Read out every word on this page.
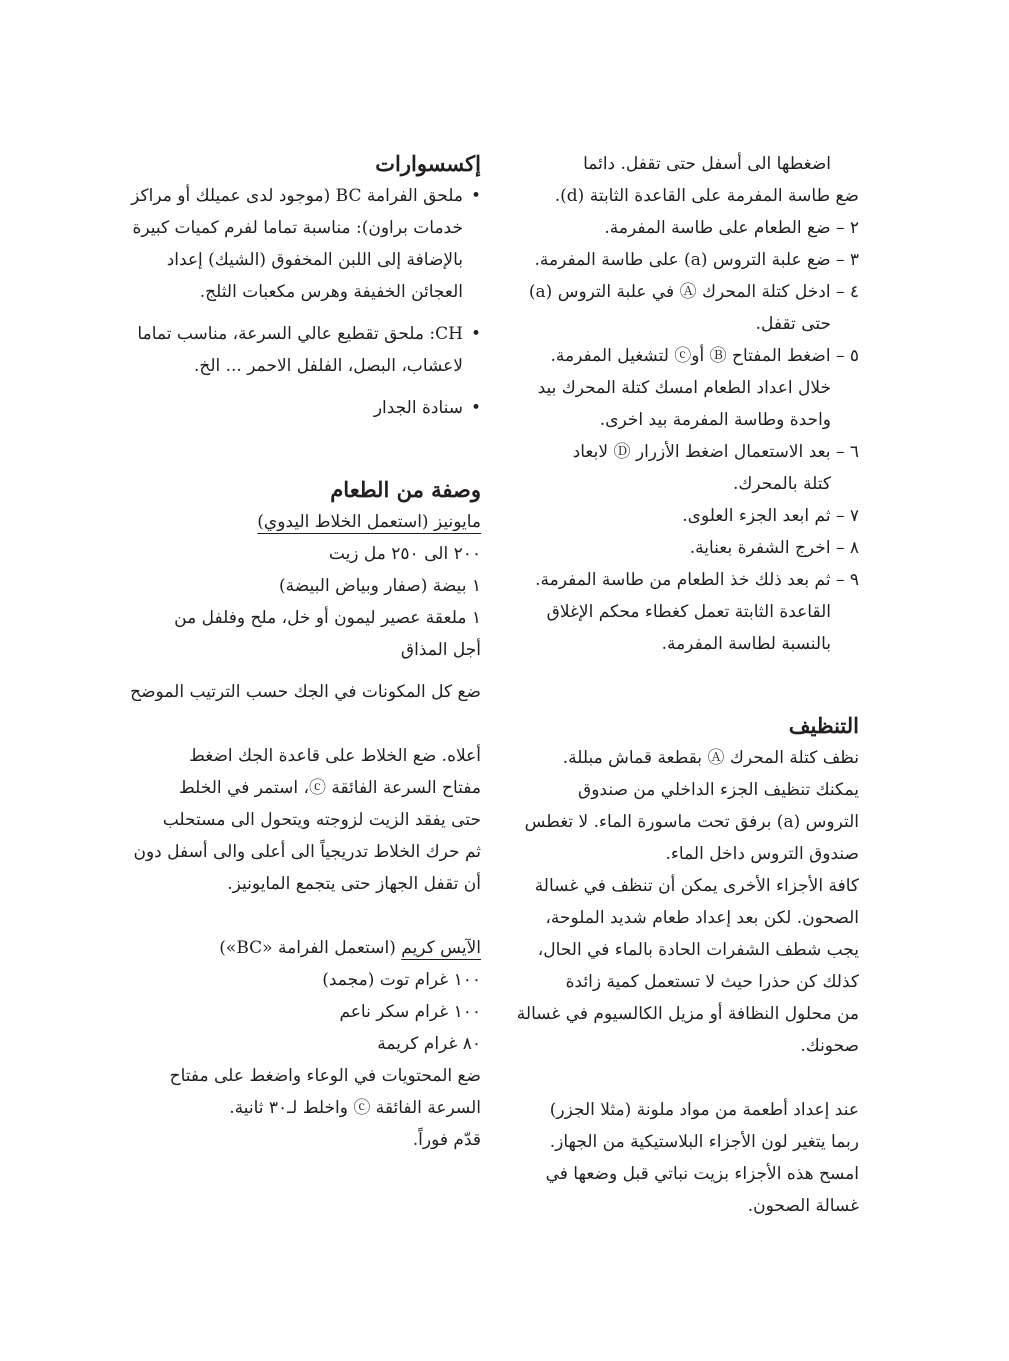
اضغطها الى أسفل حتى تقفل. دائما
ضع طاسة المفرمة على القاعدة الثابتة (d).
٢ – ضع الطعام على طاسة المفرمة.
٣ – ضع علبة التروس (a) على طاسة المفرمة.
٤ – ادخل كتلة المحرك Ⓐ في علبة التروس (a)
حتى تقفل.
٥ – اضغط المفتاح Ⓑ أوⓒ لتشغيل المفرمة.
خلال اعداد الطعام امسك كتلة المحرك بيد
واحدة وطاسة المفرمة بيد اخرى.
٦ – بعد الاستعمال اضغط الأزرار Ⓓ لابعاد
كتلة بالمحرك.
٧ – ثم ابعد الجزء العلوى.
٨ – اخرج الشفرة بعناية.
٩ – ثم بعد ذلك خذ الطعام من طاسة المفرمة.
القاعدة الثابتة تعمل كغطاء محكم الإغلاق
بالنسبة لطاسة المفرمة.
التنظيف
نظف كتلة المحرك Ⓐ بقطعة قماش مبللة.
يمكنك تنظيف الجزء الداخلي من صندوق
التروس (a) برفق تحت ماسورة الماء. لا تغطس
صندوق التروس داخل الماء.
كافة الأجزاء الأخرى يمكن أن تنظف في غسالة
الصحون. لكن بعد إعداد طعام شديد الملوحة،
يجب شطف الشفرات الحادة بالماء في الحال،
كذلك كن حذرا حيث لا تستعمل كمية زائدة
من محلول النظافة أو مزيل الكالسيوم في غسالة
صحونك.
عند إعداد أطعمة من مواد ملونة (مثلا الجزر)
ربما يتغير لون الأجزاء البلاستيكية من الجهاز.
امسح هذه الأجزاء بزيت نباتي قبل وضعها في
غسالة الصحون.
إكسسوارات
• ملحق الفرامة BC (موجود لدى عميلك أو مراكز
خدمات براون): مناسبة تماما لفرم كميات كبيرة
بالإضافة إلى اللبن المخفوق (الشيك) إعداد
العجائن الخفيفة وهرس مكعبات الثلج.
• CH: ملحق تقطيع عالي السرعة، مناسب تماما
لاعشاب، البصل، الفلفل الاحمر ... الخ.
• سنادة الجدار
وصفة من الطعام
مايونيز (استعمل الخلاط اليدوي)
٢٠٠ الى ٢٥٠ مل زيت
١ بيضة (صفار وبياض البيضة)
١ ملعقة عصير ليمون أو خل، ملح وفلفل من
أجل المذاق
ضع كل المكونات في الجك حسب الترتيب الموضح
أعلاه. ضع الخلاط على قاعدة الجك اضغط
مفتاح السرعة الفائقة ⓒ، استمر في الخلط
حتى يفقد الزيت لزوجته ويتحول الى مستحلب
ثم حرك الخلاط تدريجياً الى أعلى والى أسفل دون
أن تقفل الجهاز حتى يتجمع المايونيز.
الآيس كريم (استعمل الفرامة «BC»)
١٠٠ غرام توت (مجمد)
١٠٠ غرام سكر ناعم
٨٠ غرام كريمة
ضع المحتويات في الوعاء واضغط على مفتاح
السرعة الفائقة ⓒ واخلط لـ٣٠ ثانية.
قدّم فوراً.
